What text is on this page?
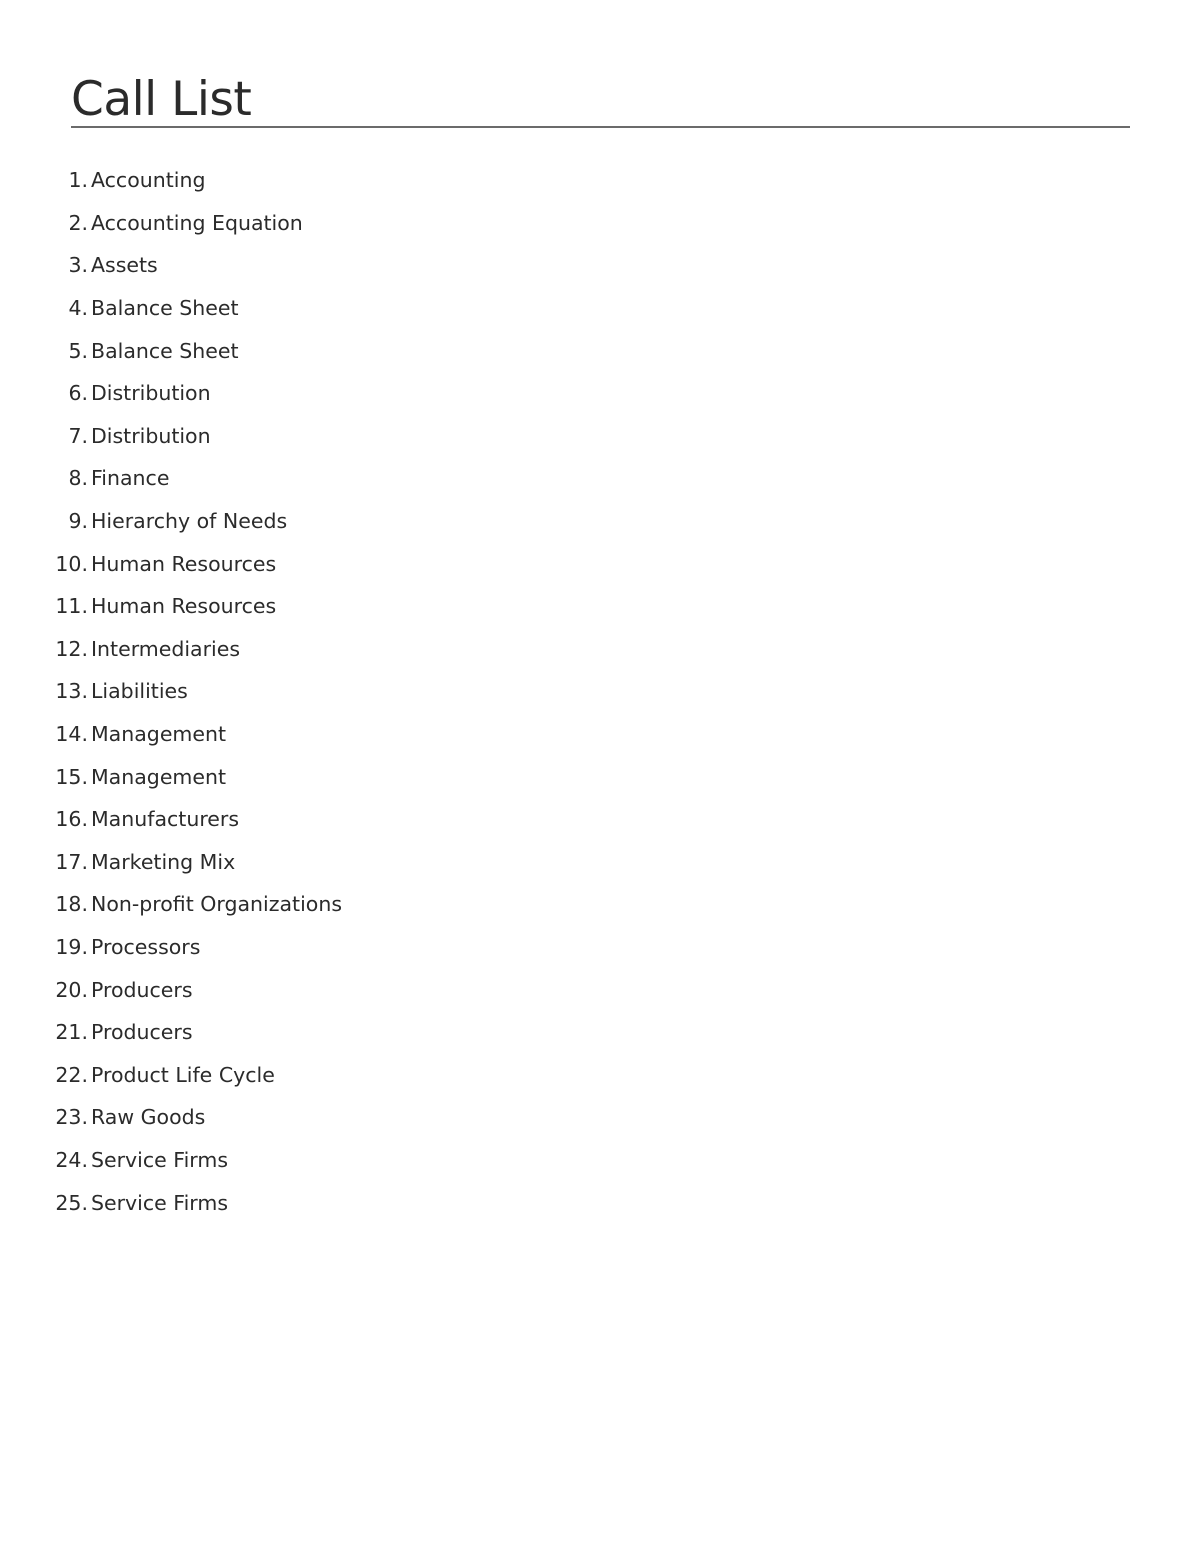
Call List
1. Accounting
2. Accounting Equation
3. Assets
4. Balance Sheet
5. Balance Sheet
6. Distribution
7. Distribution
8. Finance
9. Hierarchy of Needs
10. Human Resources
11. Human Resources
12. Intermediaries
13. Liabilities
14. Management
15. Management
16. Manufacturers
17. Marketing Mix
18. Non-profit Organizations
19. Processors
20. Producers
21. Producers
22. Product Life Cycle
23. Raw Goods
24. Service Firms
25. Service Firms
